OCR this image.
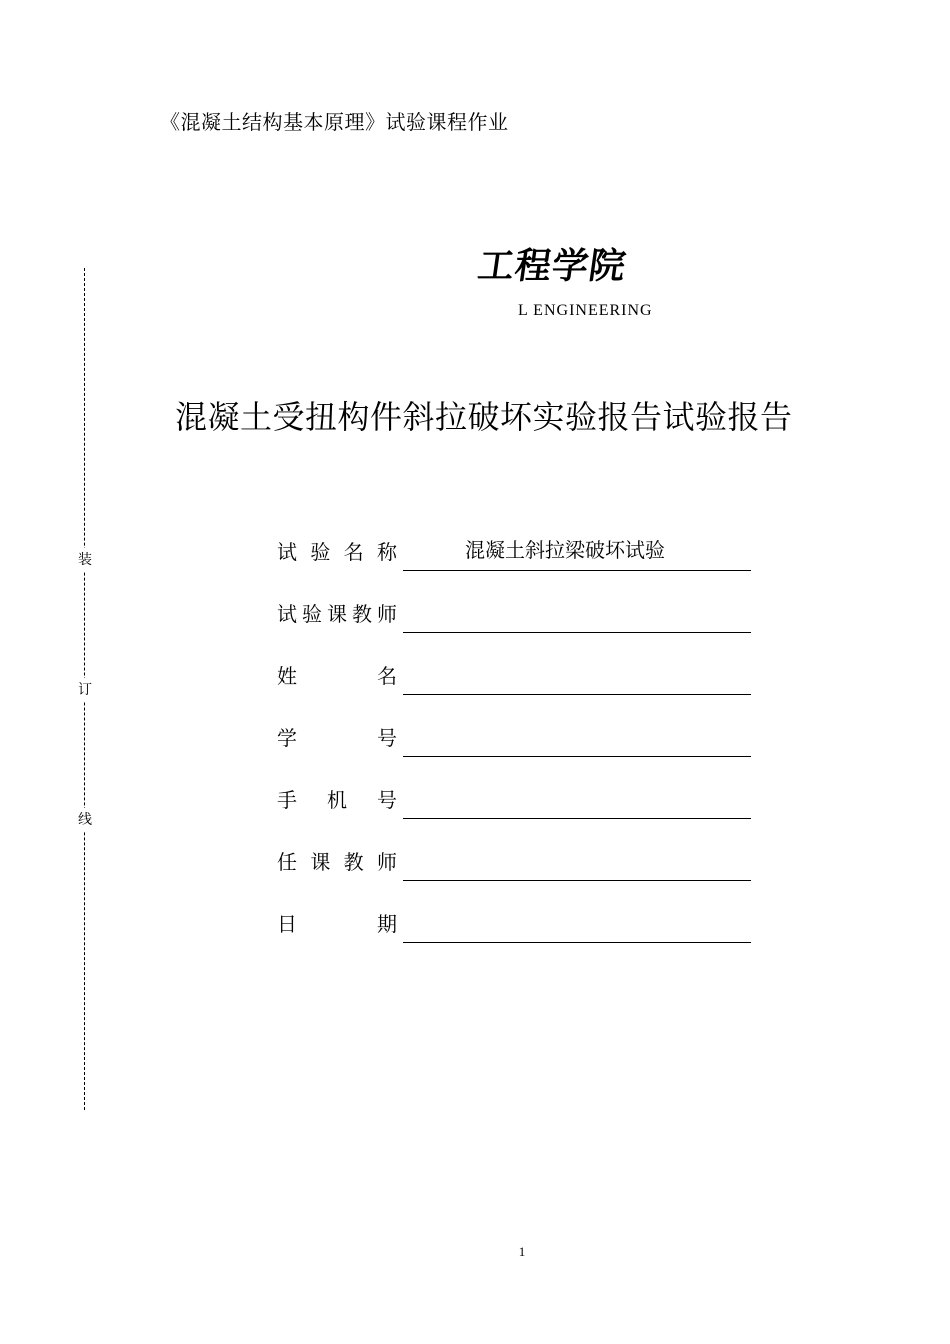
《混凝土结构基本原理》试验课程作业
装
订
线
工程学院
L ENGINEERING
混凝土受扭构件斜拉破坏实验报告试验报告
试 验 名 称	混凝土斜拉梁破坏试验
试 验 课 教 师
姓	名
学	号
手 机 号
任 课 教 师
日	期
1
